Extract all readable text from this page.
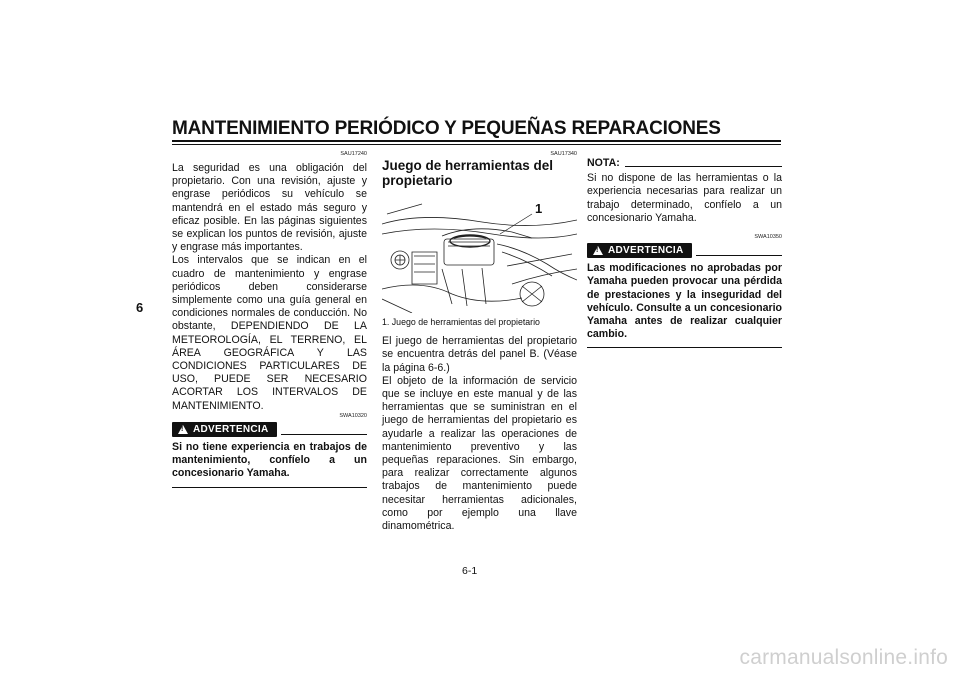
MANTENIMIENTO PERIÓDICO Y PEQUEÑAS REPARACIONES
6
SAU17240

La seguridad es una obligación del propietario. Con una revisión, ajuste y engrase periódicos su vehículo se mantendrá en el estado más seguro y eficaz posible. En las páginas siguientes se explican los puntos de revisión, ajuste y engrase más importantes.

Los intervalos que se indican en el cuadro de mantenimiento y engrase periódicos deben considerarse simplemente como una guía general en condiciones normales de conducción. No obstante, DEPENDIENDO DE LA METEOROLOGÍA, EL TERRENO, EL ÁREA GEOGRÁFICA Y LAS CONDICIONES PARTICULARES DE USO, PUEDE SER NECESARIO ACORTAR LOS INTERVALOS DE MANTENIMIENTO.

SWA10320
!
ADVERTENCIA
Si no tiene experiencia en trabajos de mantenimiento, confíelo a un concesionario Yamaha.
SAU17340
Juego de herramientas del propietario
1
1. Juego de herramientas del propietario

El juego de herramientas del propietario se encuentra detrás del panel B. (Véase la página 6-6.)

El objeto de la información de servicio que se incluye en este manual y de las herramientas que se suministran en el juego de herramientas del propietario es ayudarle a realizar las operaciones de mantenimiento preventivo y las pequeñas reparaciones. Sin embargo, para realizar correctamente algunos trabajos de mantenimiento puede necesitar herramientas adicionales, como por ejemplo una llave dinamométrica.

NOTA:

Si no dispone de las herramientas o la experiencia necesarias para realizar un trabajo determinado, confíelo a un concesionario Yamaha.

SWA10350
!
ADVERTENCIA
Las modificaciones no aprobadas por Yamaha pueden provocar una pérdida de prestaciones y la inseguridad del vehículo. Consulte a un concesionario Yamaha antes de realizar cualquier cambio.
6-1
carmanualsonline.info
